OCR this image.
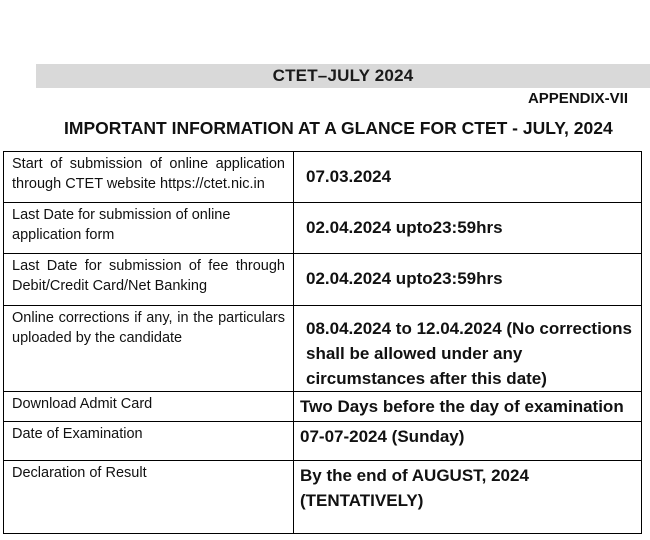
CTET–JULY 2024
APPENDIX-VII
IMPORTANT INFORMATION AT A GLANCE FOR CTET - JULY, 2024
Start of submission of online application through CTET website https://ctet.nic.in	07.03.2024
Last Date for submission of online application form	02.04.2024 upto23:59hrs
Last Date for submission of fee through Debit/Credit Card/Net Banking	02.04.2024 upto23:59hrs
Online corrections if any, in the particulars uploaded by the candidate	08.04.2024 to 12.04.2024 (No corrections shall be allowed under any circumstances after this date)
Download Admit Card	Two Days before the day of examination
Date of Examination	07-07-2024 (Sunday)
Declaration of Result	By the end of AUGUST, 2024 (TENTATIVELY)
